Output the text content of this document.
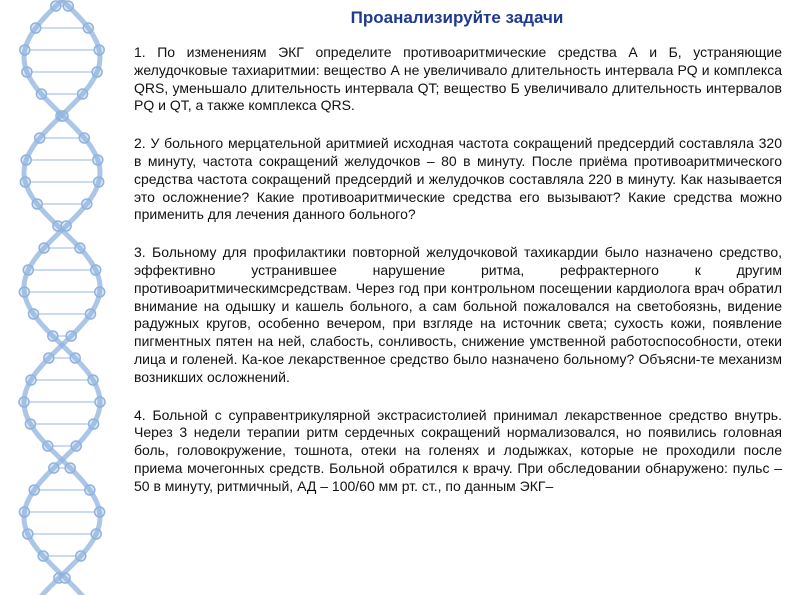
Проанализируйте задачи

1. По изменениям ЭКГ определите противоаритмические средства А и Б, устраняющие желудочковые тахиаритмии: вещество А не увеличивало длительность интервала PQ и комплекса QRS, уменьшало длительность интервала QT; вещество Б увеличивало длительность интервалов PQ и QT, а также комплекса QRS.

2. У больного мерцательной аритмией исходная частота сокращений предсердий составляла 320 в минуту, частота сокращений желудочков – 80 в минуту. После приёма противоаритмического средства частота сокращений предсердий и желудочков составляла 220 в минуту. Как называется это осложнение? Какие противоаритмические средства его вызывают? Какие средства можно применить для лечения данного больного?

3. Больному для профилактики повторной желудочковой тахикардии было назначено средство, эффективно устранившее нарушение ритма, рефрактерного к другим противоаритмическимсредствам. Через год при контрольном посещении кардиолога врач обратил внимание на одышку и кашель больного, а сам больной пожаловался на светобоязнь, видение радужных кругов, особенно вечером, при взгляде на источник света; сухость кожи, появление пигментных пятен на ней, слабость, сонливость, снижение умственной работоспособности, отеки лица и голеней. Ка-кое лекарственное средство было назначено больному? Объясни-те механизм возникших осложнений.

4. Больной с суправентрикулярной экстрасистолией принимал лекарственное средство внутрь. Через 3 недели терапии ритм сердечных сокращений нормализовался, но появились головная боль, головокружение, тошнота, отеки на голенях и лодыжках, которые не проходили после приема мочегонных средств. Больной обратился к врачу. При обследовании обнаружено: пульс – 50 в минуту, ритмичный, АД – 100/60 мм рт. ст., по данным ЭКГ–
